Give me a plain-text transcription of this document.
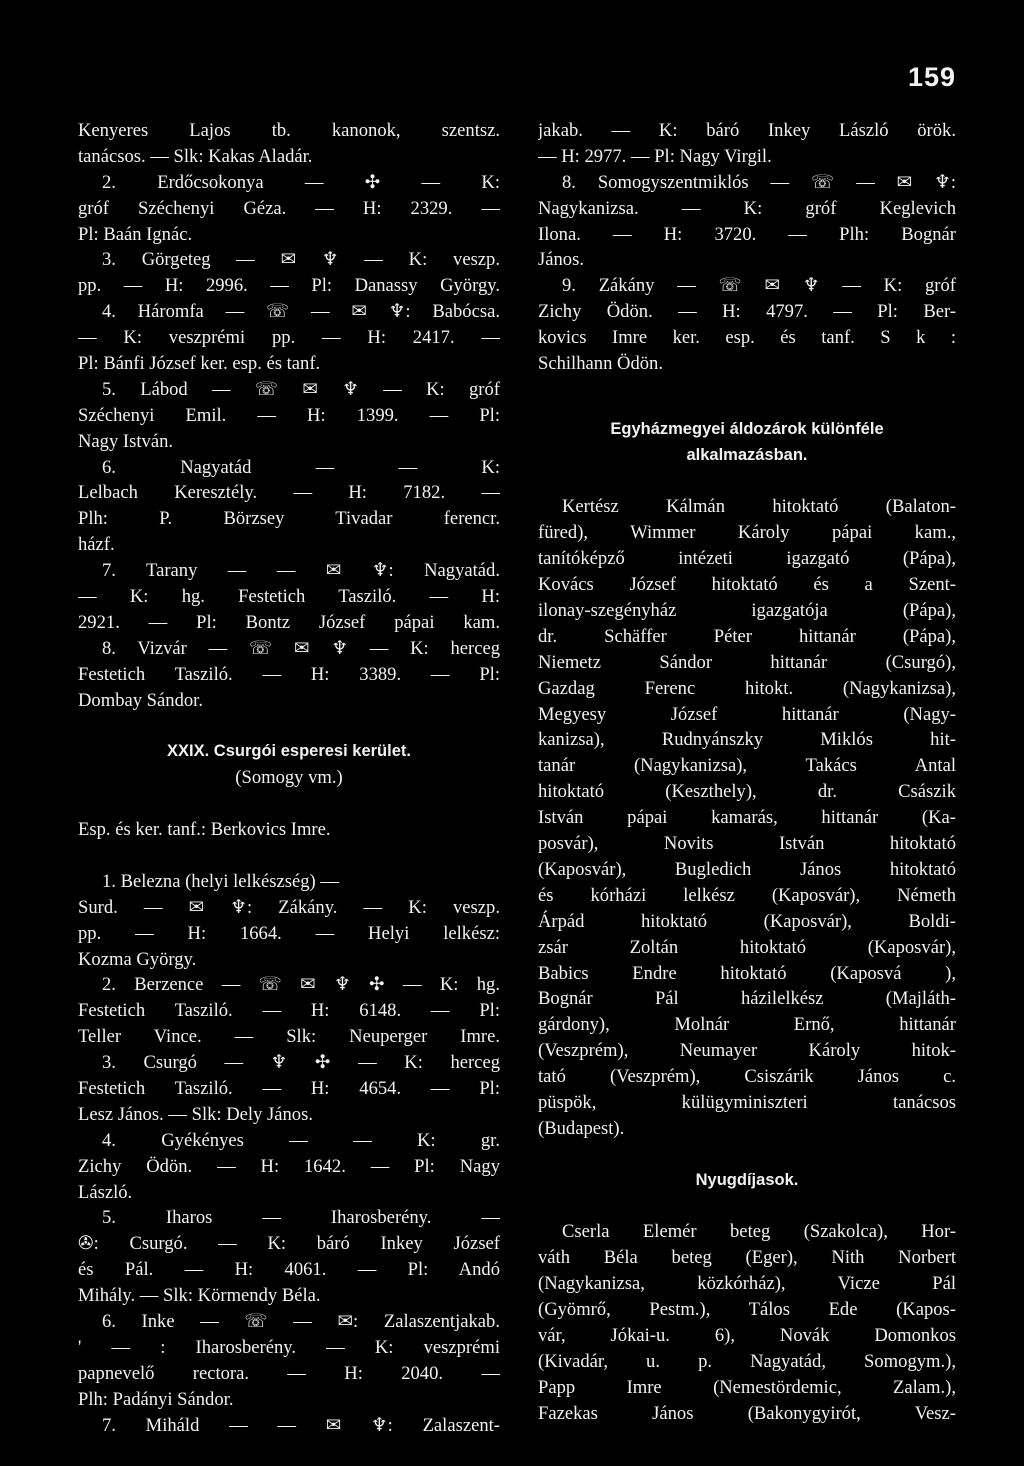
159
Kenyeres Lajos tb. kanonok, szentsz.
tanácsos. — Slk: Kakas Aladár.
2. Erdőcsokonya — ✣ — K:
gróf Széchenyi Géza. — H: 2329. —
Pl: Baán Ignác.
3. Görgeteg — ✉ ♆ — K: veszp.
pp. — H: 2996. — Pl: Danassy György.
4. Háromfa — ☏ — ✉ ♆: Babócsa.
— K: veszprémi pp. — H: 2417. —
Pl: Bánfi József ker. esp. és tanf.
5. Lábod — ☏ ✉ ♆ — K: gróf
Széchenyi Emil. — H: 1399. — Pl:
Nagy István.
6. Nagyatád — — K:
Lelbach Keresztély. — H: 7182. —
Plh: P. Börzsey Tivadar ferencr.
házf.
7. Tarany — — ✉ ♆: Nagyatád.
— K: hg. Festetich Tasziló. — H:
2921. — Pl: Bontz József pápai kam.
8. Vizvár — ☏ ✉ ♆ — K: herceg
Festetich Tasziló. — H: 3389. — Pl:
Dombay Sándor.
XXIX. Csurgói esperesi kerület.
(Somogy vm.)
Esp. és ker. tanf.: Berkovics Imre.
1. Belezna (helyi lelkészség) —
Surd. — ✉ ♆: Zákány. — K: veszp.
pp. — H: 1664. — Helyi lelkész:
Kozma György.
2. Berzence — ☏ ✉ ♆ ✣ — K: hg.
Festetich Tasziló. — H: 6148. — Pl:
Teller Vince. — Slk: Neuperger Imre.
3. Csurgó — ♆ ✣ — K: herceg
Festetich Tasziló. — H: 4654. — Pl:
Lesz János. — Slk: Dely János.
4. Gyékényes — — K: gr.
Zichy Ödön. — H: 1642. — Pl: Nagy
László.
5. Iharos — Iharosberény. —
✇: Csurgó. — K: báró Inkey József
és Pál. — H: 4061. — Pl: Andó
Mihály. — Slk: Körmendy Béla.
6. Inke — ☏ — ✉: Zalaszentjakab.
' — : Iharosberény. — K: veszprémi
papnevelő rectora. — H: 2040. —
Plh: Padányi Sándor.
7. Miháld — — ✉ ♆: Zalaszent-
jakab. — K: báró Inkey László örök.
— H: 2977. — Pl: Nagy Virgil.
8. Somogyszentmiklós — ☏ — ✉ ♆:
Nagykanizsa. — K: gróf Keglevich
Ilona. — H: 3720. — Plh: Bognár
János.
9. Zákány — ☏ ✉ ♆ — K: gróf
Zichy Ödön. — H: 4797. — Pl: Ber-
kovics Imre ker. esp. és tanf. S k :
Schilhann Ödön.
Egyházmegyei áldozárok különféle
alkalmazásban.
Kertész Kálmán hitoktató (Balaton-
füred), Wimmer Károly pápai kam.,
tanítóképző intézeti igazgató (Pápa),
Kovács József hitoktató és a Szent-
ilonay-szegényház igazgatója (Pápa),
dr. Schäffer Péter hittanár (Pápa),
Niemetz Sándor hittanár (Csurgó),
Gazdag Ferenc hitokt. (Nagykanizsa),
Megyesy József hittanár (Nagy-
kanizsa), Rudnyánszky Miklós hit-
tanár (Nagykanizsa), Takács Antal
hitoktató (Keszthely), dr. Császik
István pápai kamarás, hittanár (Ka-
posvár), Novits István hitoktató
(Kaposvár), Bugledich János hitoktató
és kórházi lelkész (Kaposvár), Németh
Árpád hitoktató (Kaposvár), Boldi-
zsár Zoltán hitoktató (Kaposvár),
Babics Endre hitoktató (Kaposvá ),
Bognár Pál házilelkész (Majláth-
gárdony), Molnár Ernő, hittanár
(Veszprém), Neumayer Károly hitok-
tató (Veszprém), Csiszárik János c.
püspök, külügyminiszteri tanácsos
(Budapest).
Nyugdíjasok.
Cserla Elemér beteg (Szakolca), Hor-
váth Béla beteg (Eger), Nith Norbert
(Nagykanizsa, közkórház), Vicze Pál
(Gyömrő, Pestm.), Tálos Ede (Kapos-
vár, Jókai-u. 6), Novák Domonkos
(Kivadár, u. p. Nagyatád, Somogym.),
Papp Imre (Nemestördemic, Zalam.),
Fazekas János (Bakonygyirót, Vesz-
